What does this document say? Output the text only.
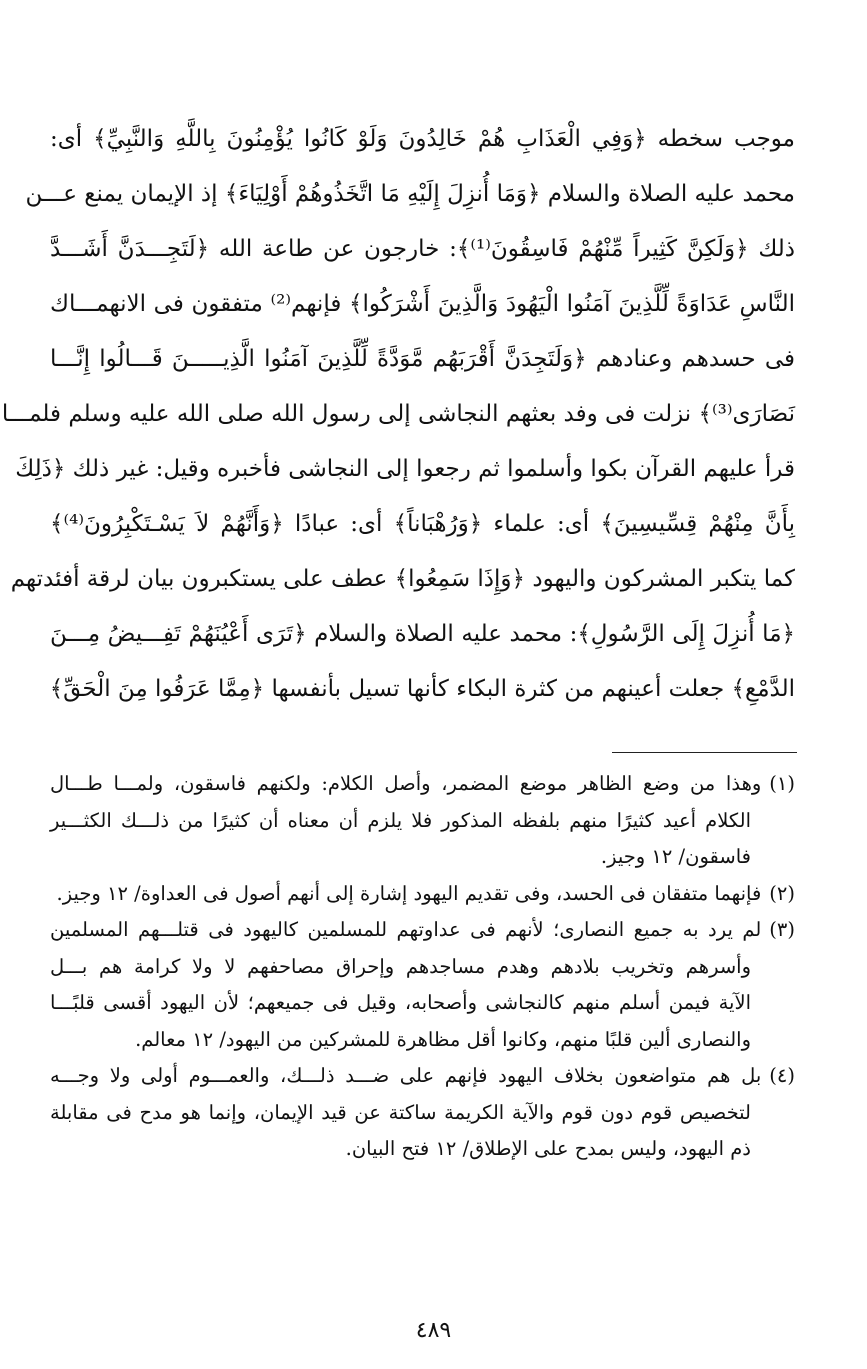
موجب سخطه ﴿وَفِي الْعَذَابِ هُمْ خَالِدُونَ وَلَوْ كَانُوا يُؤْمِنُونَ بِاللَّهِ وَالنَّبِيِّ﴾ أى:
محمد عليه الصلاة والسلام ﴿وَمَا أُنزِلَ إِلَيْهِ مَا اتَّخَذُوهُمْ أَوْلِيَاءَ﴾ إذ الإيمان يمنع عـــن
ذلك ﴿وَلَكِنَّ كَثِيراً مِّنْهُمْ فَاسِقُونَ⁽¹⁾﴾: خارجون عن طاعة الله ﴿لَتَجِـــدَنَّ أَشَـــدَّ
النَّاسِ عَدَاوَةً لِّلَّذِينَ آمَنُوا الْيَهُودَ وَالَّذِينَ أَشْرَكُوا﴾ فإنهم⁽²⁾ متفقون فى الانهمـــاك
فى حسدهم وعنادهم ﴿وَلَتَجِدَنَّ أَقْرَبَهُم مَّوَدَّةً لِّلَّذِينَ آمَنُوا الَّذِيـــــنَ قَـــالُوا إِنَّـــا
نَصَارَى⁽³⁾﴾ نزلت فى وفد بعثهم النجاشى إلى رسول الله صلى الله عليه وسلم فلمـــا
قرأ عليهم القرآن بكوا وأسلموا ثم رجعوا إلى النجاشى فأخبره وقيل: غير ذلك ﴿ذَلِكَ
بِأَنَّ مِنْهُمْ قِسِّيسِينَ﴾ أى: علماء ﴿وَرُهْبَاناً﴾ أى: عبادًا ﴿وَأَنَّهُمْ لاَ يَسْـتَكْبِرُونَ⁽⁴⁾﴾
كما يتكبر المشركون واليهود ﴿وَإِذَا سَمِعُوا﴾ عطف على يستكبرون بيان لرقة أفئدتهم
﴿مَا أُنزِلَ إِلَى الرَّسُولِ﴾: محمد عليه الصلاة والسلام ﴿تَرَى أَعْيُنَهُمْ تَفِـــيضُ مِـــنَ
الدَّمْعِ﴾ جعلت أعينهم من كثرة البكاء كأنها تسيل بأنفسها ﴿مِمَّا عَرَفُوا مِنَ الْحَقِّ﴾
(١)وهذا من وضع الظاهر موضع المضمر، وأصل الكلام: ولكنهم فاسقون، ولمـــا طـــال
الكلام أعيد كثيرًا منهم بلفظه المذكور فلا يلزم أن معناه أن كثيرًا من ذلـــك الكثـــير
فاسقون/ ١٢ وجيز.
(٢)فإنهما متفقان فى الحسد، وفى تقديم اليهود إشارة إلى أنهم أصول فى العداوة/ ١٢ وجيز.
(٣)لم يرد به جميع النصارى؛ لأنهم فى عداوتهم للمسلمين كاليهود فى قتلـــهم المسلمين
وأسرهم وتخريب بلادهم وهدم مساجدهم وإحراق مصاحفهم لا ولا كرامة هم بـــل
الآية فيمن أسلم منهم كالنجاشى وأصحابه، وقيل فى جميعهم؛ لأن اليهود أقسى قلبًـــا
والنصارى ألين قلبًا منهم، وكانوا أقل مظاهرة للمشركين من اليهود/ ١٢ معالم.
(٤)بل هم متواضعون بخلاف اليهود فإنهم على ضـــد ذلـــك، والعمـــوم أولى ولا وجـــه
لتخصيص قوم دون قوم والآية الكريمة ساكتة عن قيد الإيمان، وإنما هو مدح فى مقابلة
ذم اليهود، وليس بمدح على الإطلاق/ ١٢ فتح البيان.
٤٨٩
